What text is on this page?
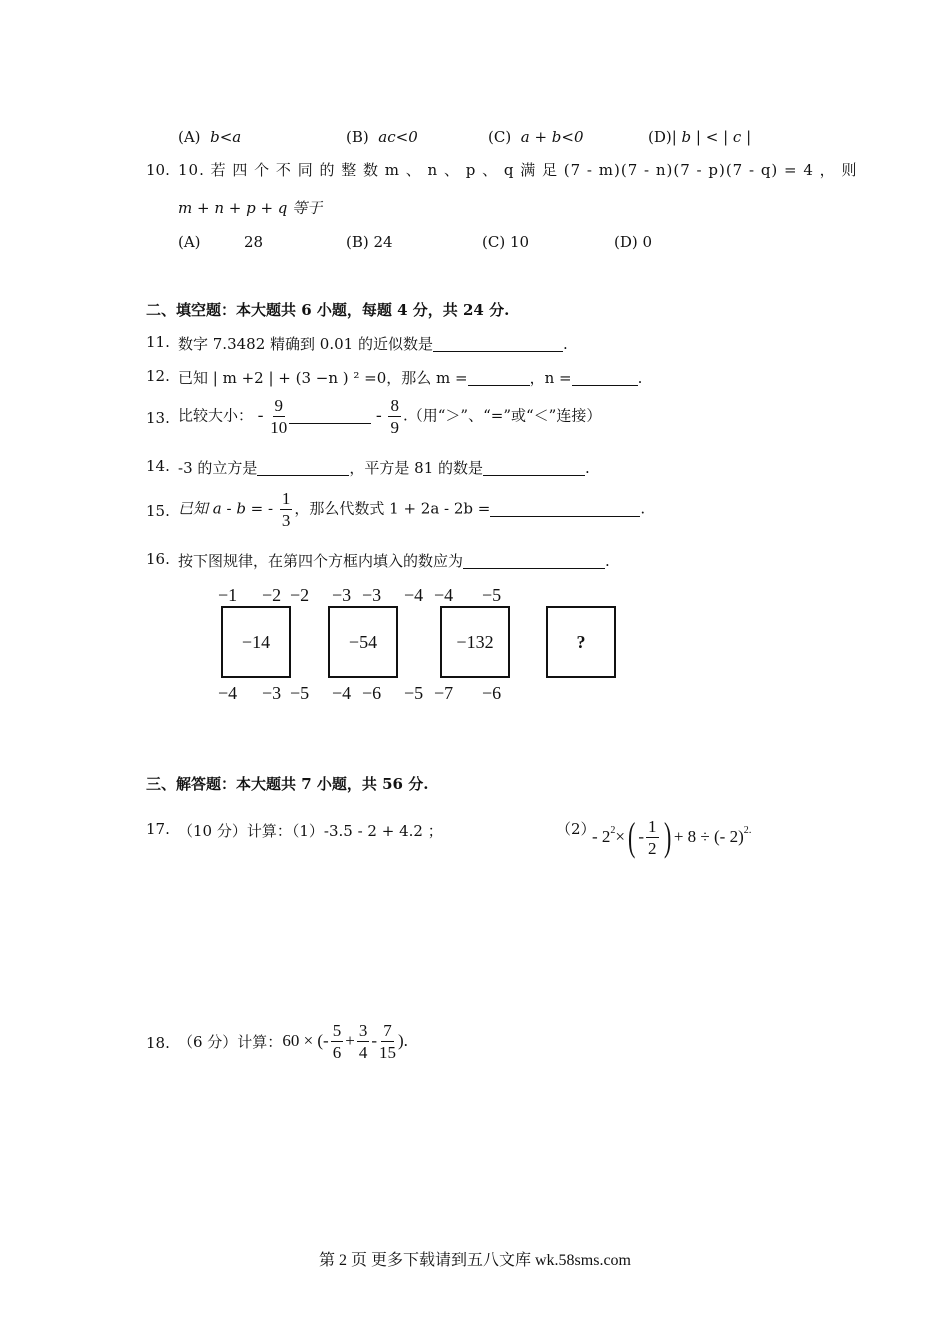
(A) b<a	(B) ac<0	(C) a + b<0	(D)| b | < | c |
10. 10. 若 四 个 不 同 的 整 数 m 、 n 、 p 、 q 满 足 (7 - m)(7 - n)(7 - p)(7 - q) = 4 ， 则
m + n + p + q 等于
(A)	28	(B) 24	(C) 10	(D) 0
二、填空题：本大题共 6 小题，每题 4 分，共 24 分.
11. 数字 7.3482 精确到 0.01 的近似数是	.
12. 已知 | m +2 | + (3 −n ) ² =0，那么 m =	，n =	.
13. 比较大小： - $\frac{9}{10}$	- $\frac{8}{9}$ .（用“＞”、“=”或“＜”连接）
14. -3 的立方是	，平方是 81 的数是	.
15. 已知 a - b = - $\frac{1}{3}$ ，那么代数式 1 + 2a - 2b =	.
16. 按下图规律，在第四个方框内填入的数应为	.
−1 −2
−14
−4 −3
−2 −3
−54
−5 −4
−3 −4
−132
−6 −5
−4 −5
?
−7 −6
三、解答题：本大题共 7 小题，共 56 分.
17. （10 分）计算：（1）-3.5 - 2 + 4.2 ；	（2）
- $2^2$ × ( - $\frac{1}{2}$ ) + 8 ÷ (- 2)$^2$ .
18. （6 分）计算： 60 × (- $\frac{5}{6} + \frac{3}{4} - \frac{7}{15}$ ).
第 2 页 更多下载请到五八文库 wk.58sms.com
